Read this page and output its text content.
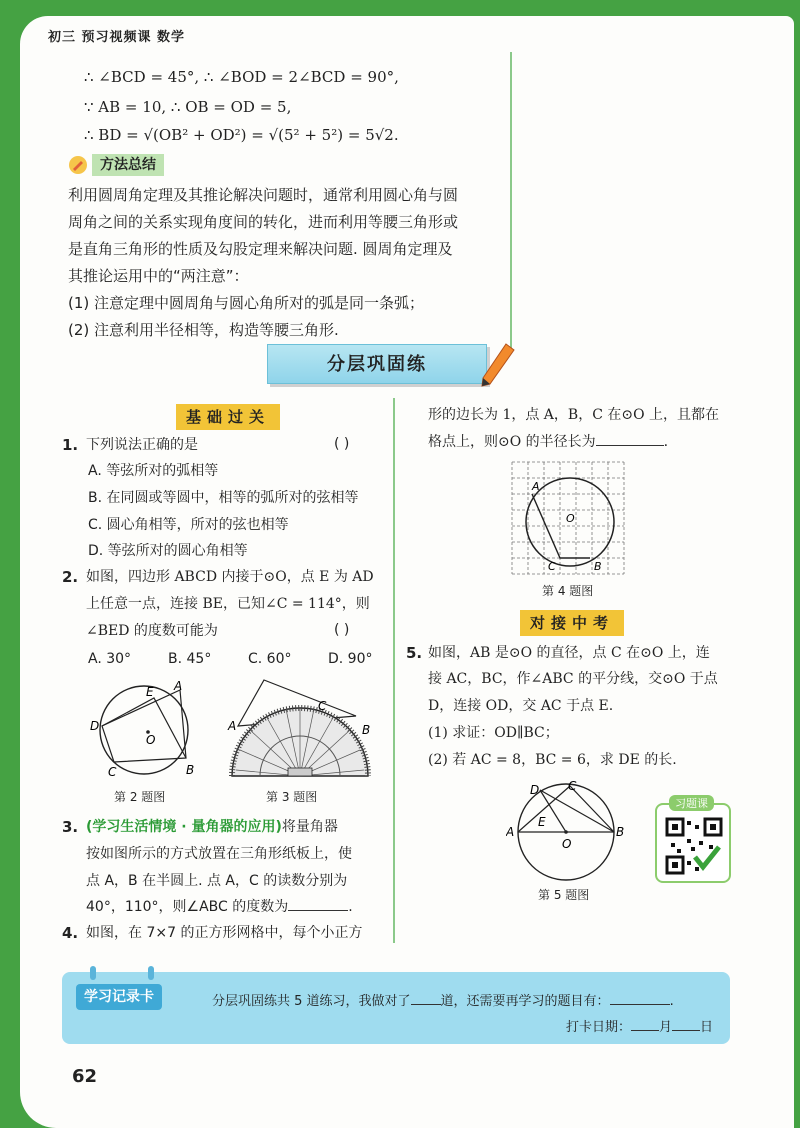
初三 预习视频课 数学
∴ ∠BCD = 45°, ∴ ∠BOD = 2∠BCD = 90°,
∵ AB = 10, ∴ OB = OD = 5,
∴ BD = √(OB² + OD²) = √(5² + 5²) = 5√2.
方法总结
利用圆周角定理及其推论解决问题时，通常利用圆心角与圆
周角之间的关系实现角度间的转化，进而利用等腰三角形或
是直角三角形的性质及勾股定理来解决问题. 圆周角定理及
其推论运用中的“两注意”：
(1) 注意定理中圆周角与圆心角所对的弧是同一条弧；
(2) 注意利用半径相等，构造等腰三角形.
分层巩固练
基础过关
1. 下列说法正确的是	( )
A. 等弦所对的弧相等
B. 在同圆或等圆中，相等的弧所对的弦相等
C. 圆心角相等，所对的弦也相等
D. 等弦所对的圆心角相等
2. 如图，四边形 ABCD 内接于⊙O，点 E 为 AD
上任意一点，连接 BE，已知∠C = 114°，则
∠BED 的度数可能为	( )
A. 30°	B. 45°	C. 60°	D. 90°
A
E
D
O
C	B
第 2 题图
A
C
B
第 3 题图
3. (学习生活情境 · 量角器的应用)将量角器
按如图所示的方式放置在三角形纸板上，使
点 A，B 在半圆上. 点 A，C 的读数分别为
40°，110°，则∠ABC 的度数为	.
4. 如图，在 7×7 的正方形网格中，每个小正方
形的边长为 1，点 A，B，C 在⊙O 上，且都在
格点上，则⊙O 的半径长为	.
A
O
C	B
第 4 题图
对接中考
5. 如图，AB 是⊙O 的直径，点 C 在⊙O 上，连
接 AC，BC，作∠ABC 的平分线，交⊙O 于点
D，连接 OD，交 AC 于点 E.
(1) 求证：OD∥BC；
(2) 若 AC = 8，BC = 6，求 DE 的长.
A	B
C
D
E
O
第 5 题图
习题课
学习记录卡	分层巩固练共 5 道练习，我做对了 道，还需要再学习的题目有：	.
打卡日期： 月 日
62
